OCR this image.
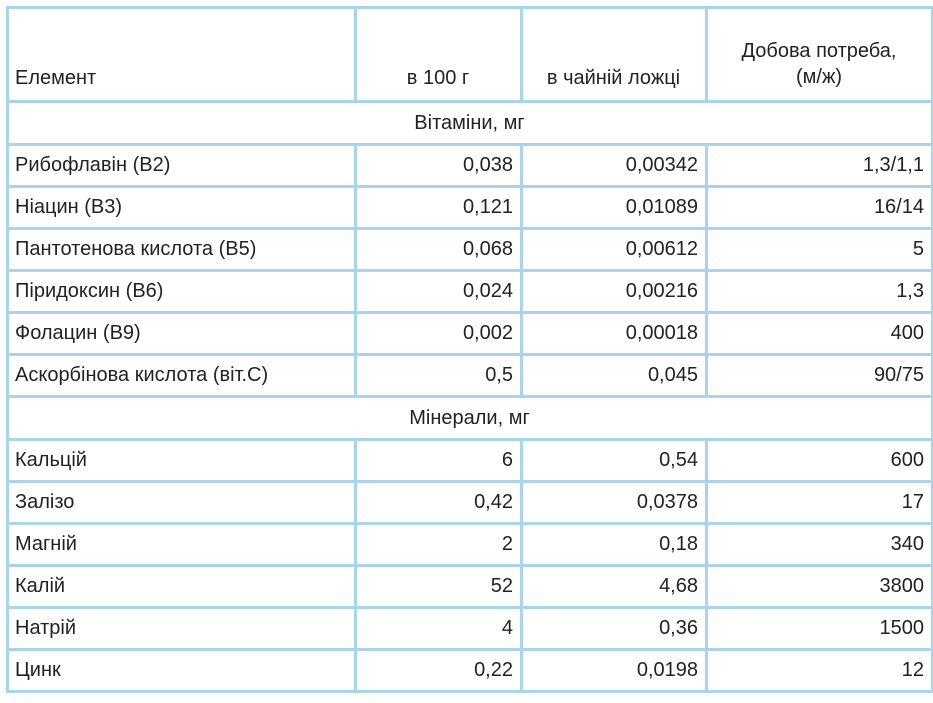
Елемент	в 100 г	в чайній ложці	Добова потреба,
(м/ж)
Вітаміни, мг			
Рибофлавін (В2)	0,038	0,00342	1,3/1,1
Ніацин (В3)	0,121	0,01089	16/14
Пантотенова кислота (В5)	0,068	0,00612	5
Піридоксин (В6)	0,024	0,00216	1,3
Фолацин (В9)	0,002	0,00018	400
Аскорбінова кислота (віт.С)	0,5	0,045	90/75
Мінерали, мг			
Кальцій	6	0,54	600
Залізо	0,42	0,0378	17
Магній	2	0,18	340
Калій	52	4,68	3800
Натрій	4	0,36	1500
Цинк	0,22	0,0198	12
